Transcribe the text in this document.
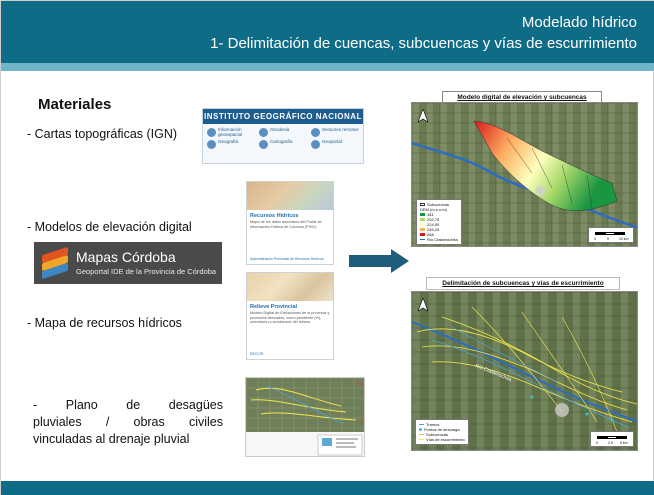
Modelado hídrico
1- Delimitación de cuencas, subcuencas y vías de escurrimiento
Materiales
- Cartas topográficas (IGN)
- Modelos de elevación digital
- Mapa de recursos hídricos
- Plano de desagües
pluviales / obras civiles
vinculadas al drenaje pluvial
INSTITUTO GEOGRÁFICO NACIONAL
Información geoespacial
Geodesia	Sensores remotos
Geografía	Cartografía	Geoportal
Mapas Córdoba
Geoportal IDE de la Provincia de Córdoba
Recursos Hídricos
Mapa de los datos asociados del Portal de Información Hídrica de Córdoba (PIHC)
Administración Provincial de Recursos Hídricos
Relieve Provincial
Modelo Digital de Elevaciones de la provincia y productos derivados, como pendiente (%), orientación y sombreado del relieve.
DECCIR
Modelo digital de elevación y subcuencas
Subcuencas
DEM (m s.n.m)
181
202,75
224,50
246,25
268
Río Ctalamochita	0	5	10 km
Delimitación de subcuencas y vías de escurrimiento
Río Ctalamochita
Tramos
Puntos de descarga
Subcuencas
Vías de escurrimiento
0	2,5 5 km
